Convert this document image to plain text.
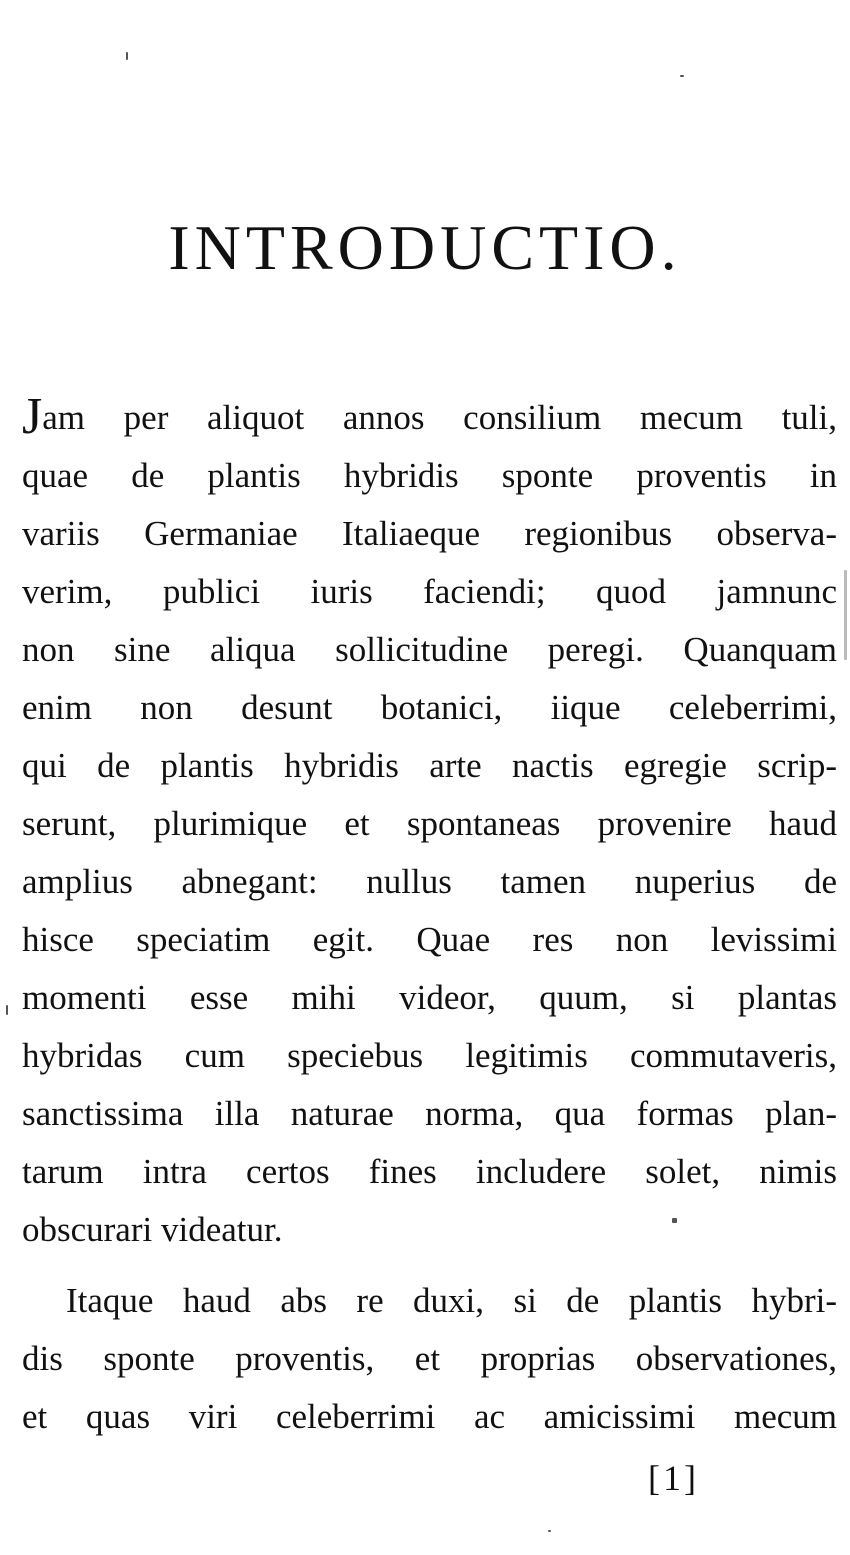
INTRODUCTIO.
Jam per aliquot annos consilium mecum tuli,
quae de plantis hybridis sponte proventis in
variis Germaniae Italiaeque regionibus observa-
verim, publici iuris faciendi; quod jamnunc
non sine aliqua sollicitudine peregi. Quanquam
enim non desunt botanici, iique celeberrimi,
qui de plantis hybridis arte nactis egregie scrip-
serunt, plurimique et spontaneas provenire haud
amplius abnegant: nullus tamen nuperius de
hisce speciatim egit. Quae res non levissimi
momenti esse mihi videor, quum, si plantas
hybridas cum speciebus legitimis commutaveris,
sanctissima illa naturae norma, qua formas plan-
tarum intra certos fines includere solet, nimis
obscurari videatur.
Itaque haud abs re duxi, si de plantis hybri-
dis sponte proventis, et proprias observationes,
et quas viri celeberrimi ac amicissimi mecum
[1]
